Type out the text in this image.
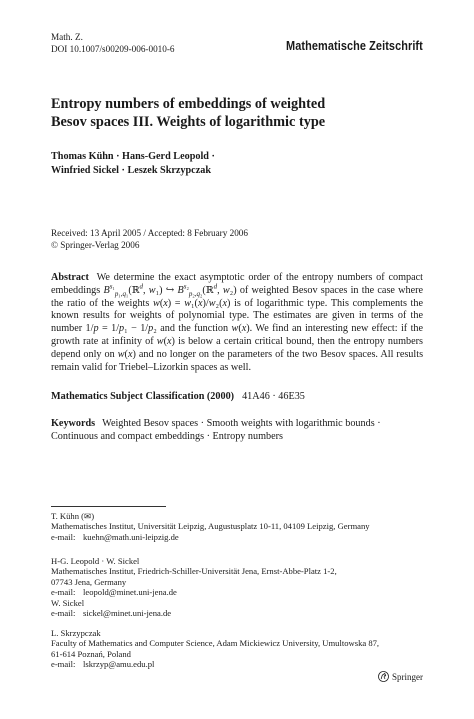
Math. Z.
DOI 10.1007/s00209-006-0010-6	Mathematische Zeitschrift
Entropy numbers of embeddings of weighted
Besov spaces III. Weights of logarithmic type
Thomas Kühn · Hans-Gerd Leopold ·
Winfried Sickel · Leszek Skrzypczak
Received: 13 April 2005 / Accepted: 8 February 2006
© Springer-Verlag 2006
Abstract We determine the exact asymptotic order of the entropy numbers of compact embeddings $B^{s_1}_{p_1,q_1}(ℝ^d$, w₁) ↪ $B^{s_2}_{p_2,q_2}(ℝ^d$, w₂) of weighted Besov spaces in the case where the ratio of the weights w(x) = w₁(x)/w₂(x) is of logarithmic type. This complements the known results for weights of polynomial type. The estimates are given in terms of the number 1/p = 1/p₁ − 1/p₂ and the function w(x). We find an interesting new effect: if the growth rate at infinity of w(x) is below a certain critical bound, then the entropy numbers depend only on w(x) and no longer on the parameters of the two Besov spaces. All results remain valid for Triebel–Lizorkin spaces as well.
Mathematics Subject Classification (2000) 41A46 · 46E35
Keywords Weighted Besov spaces · Smooth weights with logarithmic bounds ·
Continuous and compact embeddings · Entropy numbers
T. Kühn (✉)
Mathematisches Institut, Universität Leipzig, Augustusplatz 10-11, 04109 Leipzig, Germany
e-mail: kuehn@math.uni-leipzig.de
H-G. Leopold · W. Sickel
Mathematisches Institut, Friedrich-Schiller-Universität Jena, Ernst-Abbe-Platz 1-2,
07743 Jena, Germany
e-mail: leopold@minet.uni-jena.de
W. Sickel
e-mail: sickel@minet.uni-jena.de
L. Skrzypczak
Faculty of Mathematics and Computer Science, Adam Mickiewicz University, Umultowska 87,
61-614 Poznań, Poland
e-mail: lskrzyp@amu.edu.pl
Springer
